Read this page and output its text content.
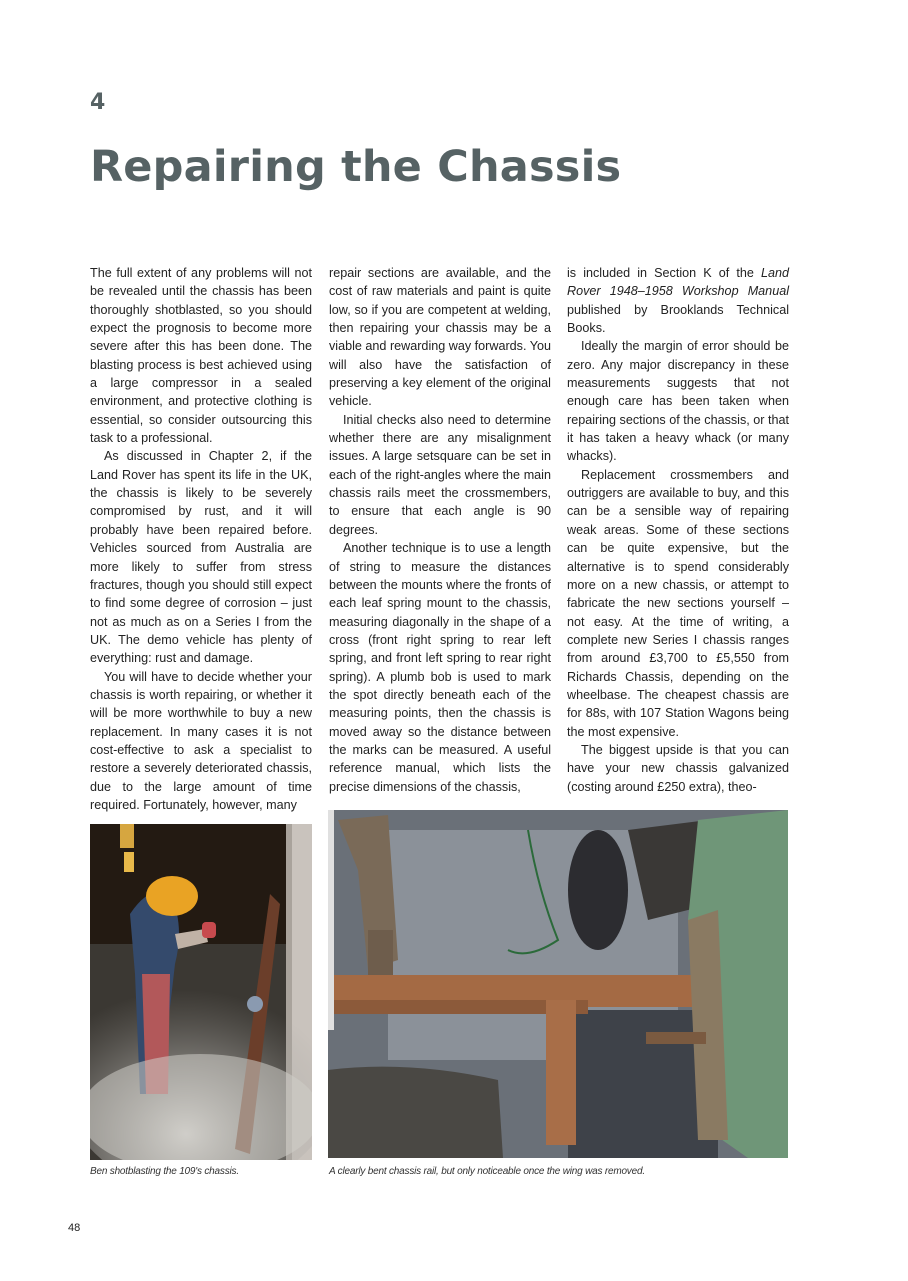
4
Repairing the Chassis

The full extent of any problems will not be revealed until the chassis has been thoroughly shotblasted, so you should expect the prognosis to become more severe after this has been done. The blasting process is best achieved using a large compressor in a sealed environment, and protective clothing is essential, so consider outsourcing this task to a professional.

As discussed in Chapter 2, if the Land Rover has spent its life in the UK, the chassis is likely to be severely compromised by rust, and it will probably have been repaired before. Vehicles sourced from Australia are more likely to suffer from stress fractures, though you should still expect to find some degree of corrosion – just not as much as on a Series I from the UK. The demo vehicle has plenty of everything: rust and damage.

You will have to decide whether your chassis is worth repairing, or whether it will be more worthwhile to buy a new replacement. In many cases it is not cost-effective to ask a specialist to restore a severely deteriorated chassis, due to the large amount of time required. Fortunately, however, many

repair sections are available, and the cost of raw materials and paint is quite low, so if you are competent at welding, then repairing your chassis may be a viable and rewarding way forwards. You will also have the satisfaction of preserving a key element of the original vehicle.

Initial checks also need to determine whether there are any misalignment issues. A large setsquare can be set in each of the right-angles where the main chassis rails meet the crossmembers, to ensure that each angle is 90 degrees.

Another technique is to use a length of string to measure the distances between the mounts where the fronts of each leaf spring mount to the chassis, measuring diagonally in the shape of a cross (front right spring to rear left spring, and front left spring to rear right spring). A plumb bob is used to mark the spot directly beneath each of the measuring points, then the chassis is moved away so the distance between the marks can be measured. A useful reference manual, which lists the precise dimensions of the chassis,

is included in Section K of the Land Rover 1948–1958 Workshop Manual published by Brooklands Technical Books.

Ideally the margin of error should be zero. Any major discrepancy in these measurements suggests that not enough care has been taken when repairing sections of the chassis, or that it has taken a heavy whack (or many whacks).

Replacement crossmembers and outriggers are available to buy, and this can be a sensible way of repairing weak areas. Some of these sections can be quite expensive, but the alternative is to spend considerably more on a new chassis, or attempt to fabricate the new sections yourself – not easy. At the time of writing, a complete new Series I chassis ranges from around £3,700 to £5,550 from Richards Chassis, depending on the wheelbase. The cheapest chassis are for 88s, with 107 Station Wagons being the most expensive.

The biggest upside is that you can have your new chassis galvanized (costing around £250 extra), theo-

Ben shotblasting the 109's chassis.	A clearly bent chassis rail, but only noticeable once the wing was removed.
48
